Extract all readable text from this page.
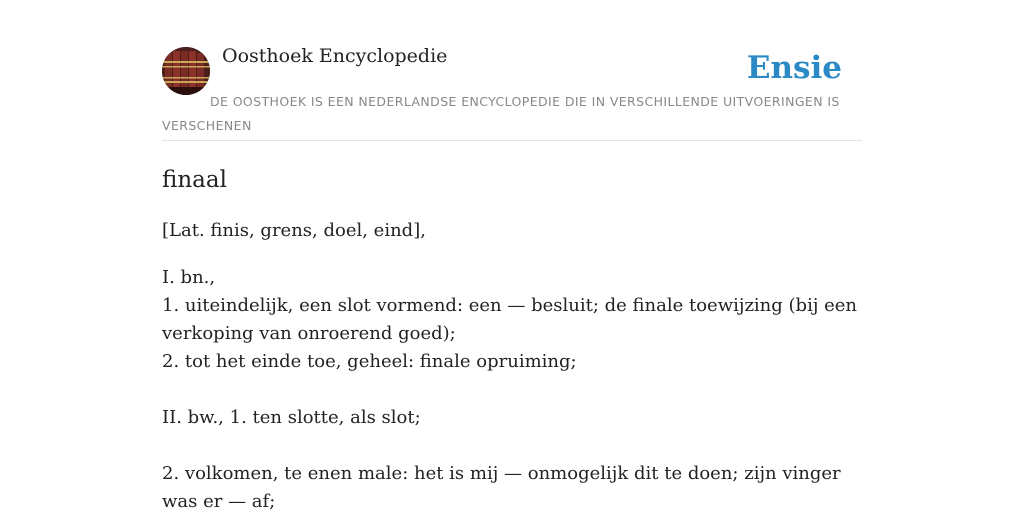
Oosthoek Encyclopedie	Ensie
DE OOSTHOEK IS EEN NEDERLANDSE ENCYCLOPEDIE DIE IN VERSCHILLENDE UITVOERINGEN IS VERSCHENEN
finaal

[Lat. finis, grens, doel, eind],

I. bn.,
1. uiteindelijk, een slot vormend: een — besluit; de finale toewijzing (bij een verkoping van onroerend goed);
2. tot het einde toe, geheel: finale opruiming;
II. bw., 1. ten slotte, als slot;
2. volkomen, te enen male: het is mij — onmogelijk dit te doen; zijn vinger was er — af;
